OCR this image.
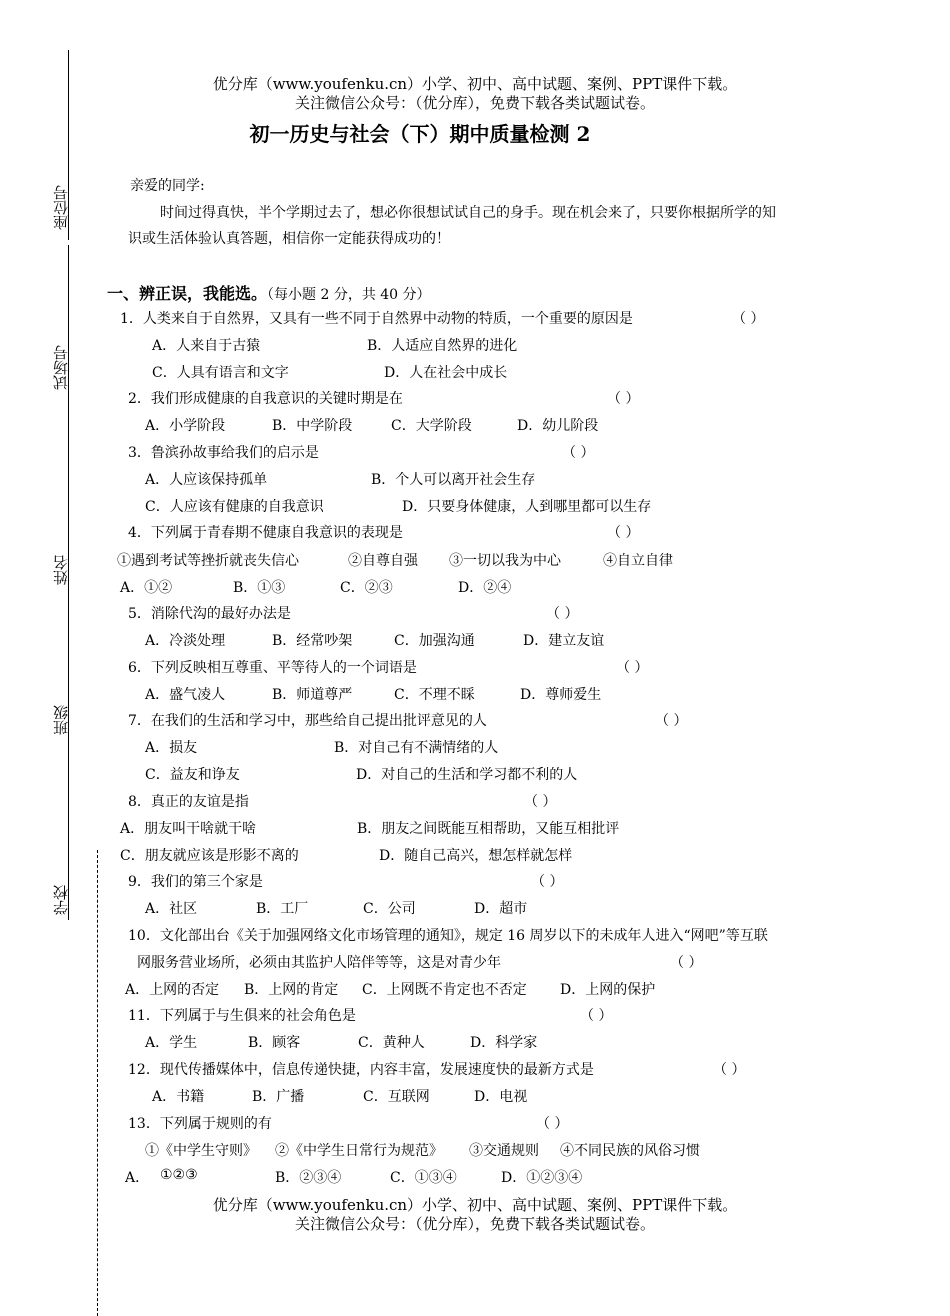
座位号
试场号
姓名
班级
学校
优分库（www.youfenku.cn）小学、初中、高中试题、案例、PPT课件下载。
关注微信公众号：（优分库），免费下载各类试题试卷。
初一历史与社会（下）期中质量检测 2
亲爱的同学:
时间过得真快，半个学期过去了，想必你很想试试自己的身手。现在机会来了，只要你根据所学的知
识或生活体验认真答题，相信你一定能获得成功的！
一、辨正误，我能选。（每小题 2 分，共 40 分）
1．人类来自于自然界，又具有一些不同于自然界中动物的特质，一个重要的原因是	（ ）
A．人来自于古猿	B．人适应自然界的进化
C．人具有语言和文字	D．人在社会中成长
2．我们形成健康的自我意识的关键时期是在	（ ）
A．小学阶段	B．中学阶段	C．大学阶段	D．幼儿阶段
3．鲁滨孙故事给我们的启示是	（ ）
A．人应该保持孤单	B．个人可以离开社会生存
C．人应该有健康的自我意识	D．只要身体健康，人到哪里都可以生存
4．下列属于青春期不健康自我意识的表现是	（ ）
①遇到考试等挫折就丧失信心	②自尊自强 ③一切以我为中心	④自立自律
A．①②	B．①③	C．②③	D．②④
5．消除代沟的最好办法是	（ ）
A．冷淡处理	B．经常吵架	C．加强沟通	D．建立友谊
6．下列反映相互尊重、平等待人的一个词语是	（ ）
A．盛气凌人	B．师道尊严	C．不理不睬	D．尊师爱生
7．在我们的生活和学习中，那些给自己提出批评意见的人	（ ）
A．损友	B．对自己有不满情绪的人
C．益友和诤友	D．对自己的生活和学习都不利的人
8．真正的友谊是指	（ ）
A．朋友叫干啥就干啥	B．朋友之间既能互相帮助，又能互相批评
C．朋友就应该是形影不离的	D．随自己高兴，想怎样就怎样
9．我们的第三个家是	（ ）
A．社区	B．工厂	C．公司	D．超市
10．文化部出台《关于加强网络文化市场管理的通知》，规定 16 周岁以下的未成年人进入“网吧”等互联
网服务营业场所，必须由其监护人陪伴等等，这是对青少年	（ ）
A．上网的否定 B．上网的肯定 C．上网既不肯定也不否定 D．上网的保护
11．下列属于与生俱来的社会角色是	（ ）
A．学生	B．顾客	C．黄种人	D．科学家
12．现代传播媒体中，信息传递快捷，内容丰富，发展速度快的最新方式是	（ ）
A．书籍	B．广播	C．互联网	D．电视
13．下列属于规则的有	（ ）
①《中学生守则》 ②《中学生日常行为规范》 ③交通规则 ④不同民族的风俗习惯
A． ①②③	B．②③④	C．①③④	D．①②③④
优分库（www.youfenku.cn）小学、初中、高中试题、案例、PPT课件下载。
关注微信公众号：（优分库），免费下载各类试题试卷。
